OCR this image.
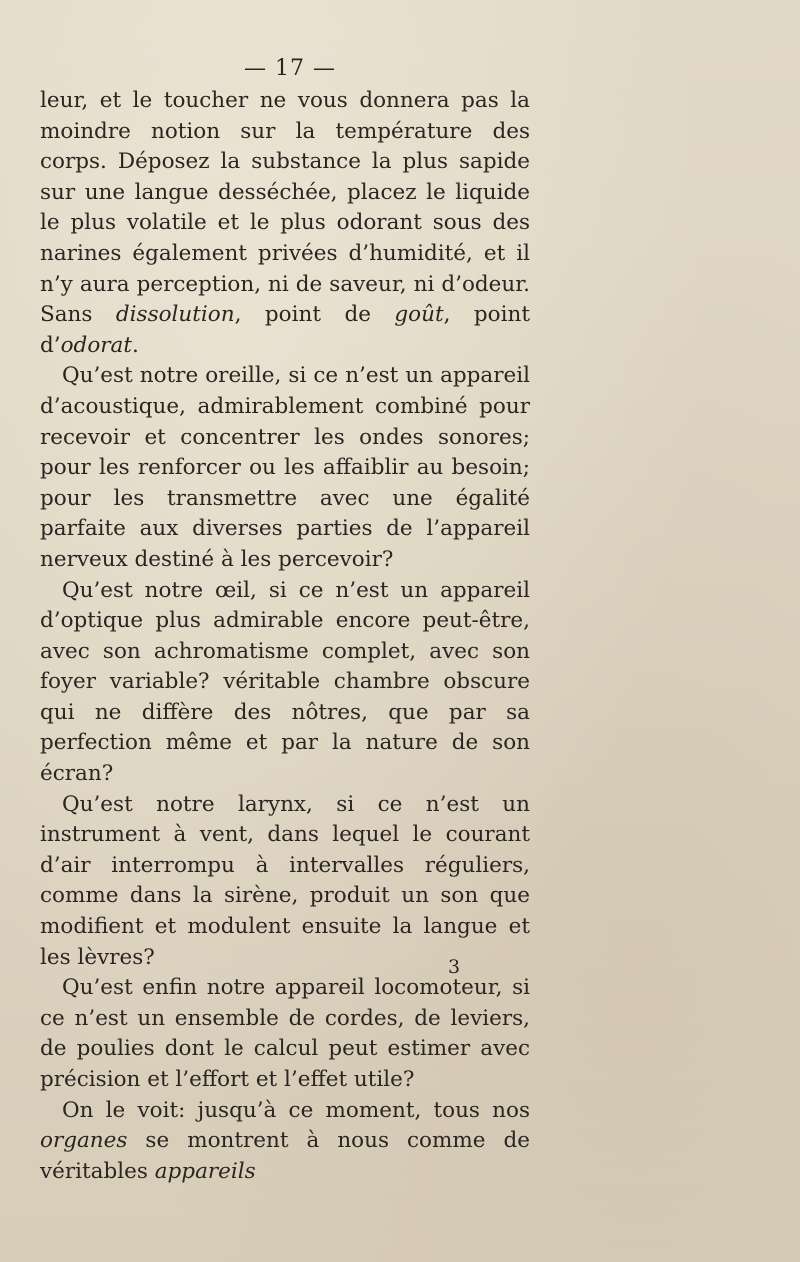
— 17 —

leur, et le toucher ne vous donnera pas la moindre notion sur la température des corps. Déposez la substance la plus sapide sur une langue desséchée, placez le liquide le plus volatile et le plus odorant sous des narines également privées d’humidité, et il n’y aura perception, ni de saveur, ni d’odeur. Sans dissolution, point de goût, point d’odorat.

Qu’est notre oreille, si ce n’est un appareil d’acoustique, admirablement combiné pour recevoir et concentrer les ondes sonores; pour les renforcer ou les affaiblir au besoin; pour les transmettre avec une égalité parfaite aux diverses parties de l’appareil nerveux destiné à les percevoir?

Qu’est notre œil, si ce n’est un appareil d’optique plus admirable encore peut-être, avec son achromatisme complet, avec son foyer variable? véritable chambre obscure qui ne diffère des nôtres, que par sa perfection même et par la nature de son écran?

Qu’est notre larynx, si ce n’est un instrument à vent, dans lequel le courant d’air interrompu à intervalles réguliers, comme dans la sirène, produit un son que modifient et modulent ensuite la langue et les lèvres?

Qu’est enfin notre appareil locomoteur, si ce n’est un ensemble de cordes, de leviers, de poulies dont le calcul peut estimer avec précision et l’effort et l’effet utile?

On le voit: jusqu’à ce moment, tous nos organes se montrent à nous comme de véritables appareils

3
